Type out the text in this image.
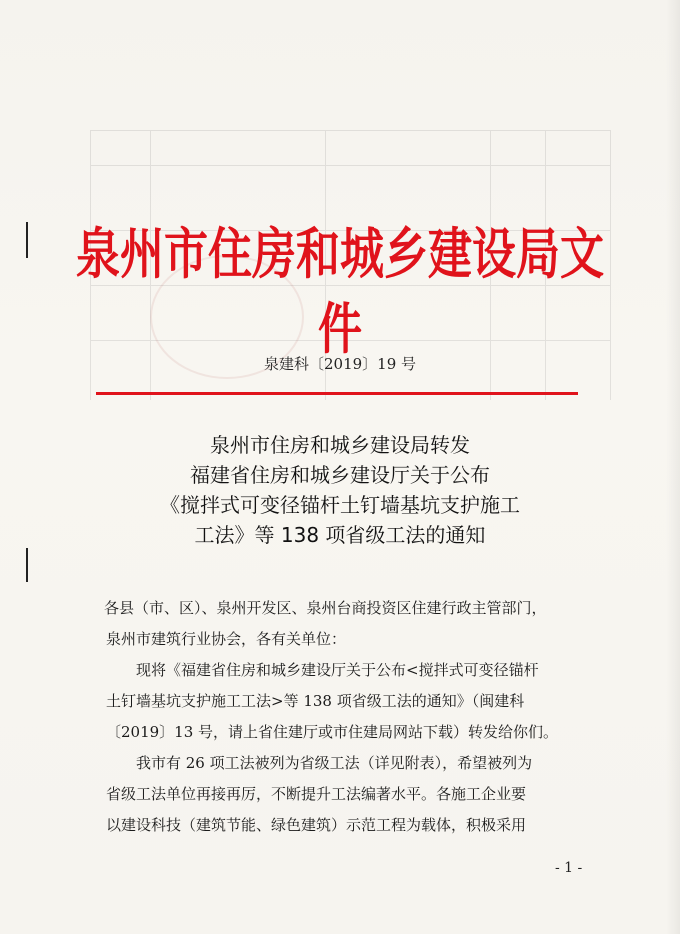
泉州市住房和城乡建设局文件
泉建科〔2019〕19 号
泉州市住房和城乡建设局转发
福建省住房和城乡建设厅关于公布
《搅拌式可变径锚杆土钉墙基坑支护施工
工法》等 138 项省级工法的通知
各县（市、区）、泉州开发区、泉州台商投资区住建行政主管部门，
泉州市建筑行业协会，各有关单位：
现将《福建省住房和城乡建设厅关于公布<搅拌式可变径锚杆
土钉墙基坑支护施工工法>等 138 项省级工法的通知》（闽建科
〔2019〕13 号，请上省住建厅或市住建局网站下载）转发给你们。
我市有 26 项工法被列为省级工法（详见附表），希望被列为
省级工法单位再接再厉，不断提升工法编著水平。各施工企业要
以建设科技（建筑节能、绿色建筑）示范工程为载体，积极采用
- 1 -
